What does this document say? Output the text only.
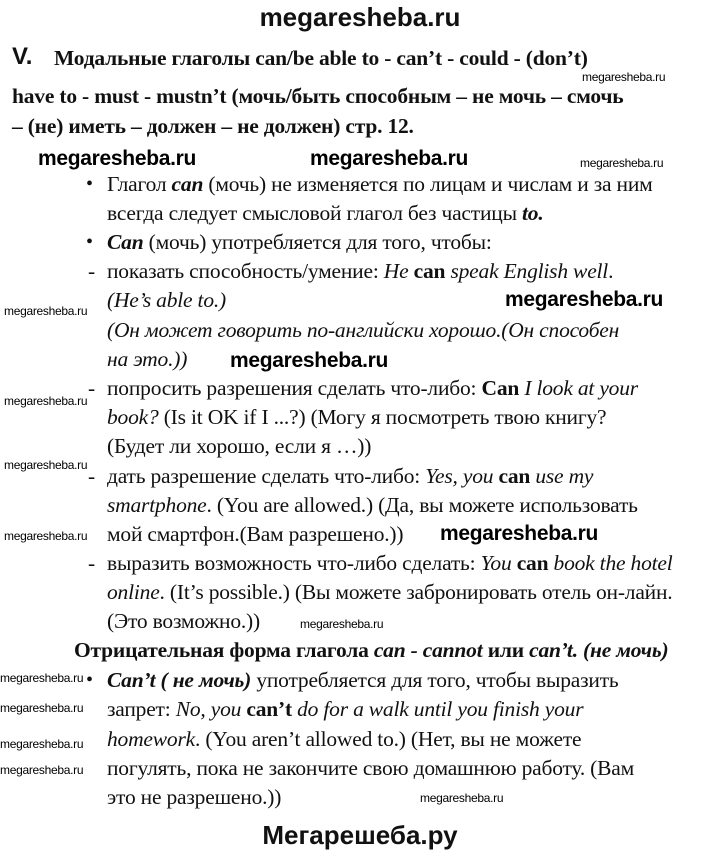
megaresheba.ru
V. Модальные глаголы can/be able to - can’t - could - (don’t)
have to - must - mustn’t (мочь/быть способным – не мочь – смочь
– (не) иметь – должен – не должен) стр. 12.
• Глагол can (мочь) не изменяется по лицам и числам и за ним
всегда следует смысловой глагол без частицы to.
• Can (мочь) употребляется для того, чтобы:
- показать способность/умение: He can speak English well.
(He’s able to.)
(Он может говорить по-английски хорошо.(Он способен
на это.))
- попросить разрешения сделать что-либо: Can I look at your
book? (Is it OK if I ...?) (Могу я посмотреть твою книгу?
(Будет ли хорошо, если я …))
- дать разрешение сделать что-либо: Yes, you can use my
smartphone. (You are allowed.) (Да, вы можете использовать
мой смартфон.(Вам разрешено.))
- выразить возможность что-либо сделать: You can book the hotel
online. (It’s possible.) (Вы можете забронировать отель он-лайн.
(Это возможно.))
Отрицательная форма глагола can - cannot или can’t. (не мочь)
• Can’t ( не мочь) употребляется для того, чтобы выразить
запрет: No, you can’t do for a walk until you finish your
homework. (You aren’t allowed to.) (Нет, вы не можете
погулять, пока не закончите свою домашнюю работу. (Вам
это не разрешено.))
megaresheba.ru
megaresheba.ru	megaresheba.ru	megaresheba.ru
megaresheba.ru
megaresheba.ru
megaresheba.ru
megaresheba.ru
megaresheba.ru
megaresheba.ru
megaresheba.ru
megaresheba.ru
megaresheba.ru
megaresheba.ru
megaresheba.ru
megaresheba.ru
megaresheba.ru
Мегарешеба.ру
